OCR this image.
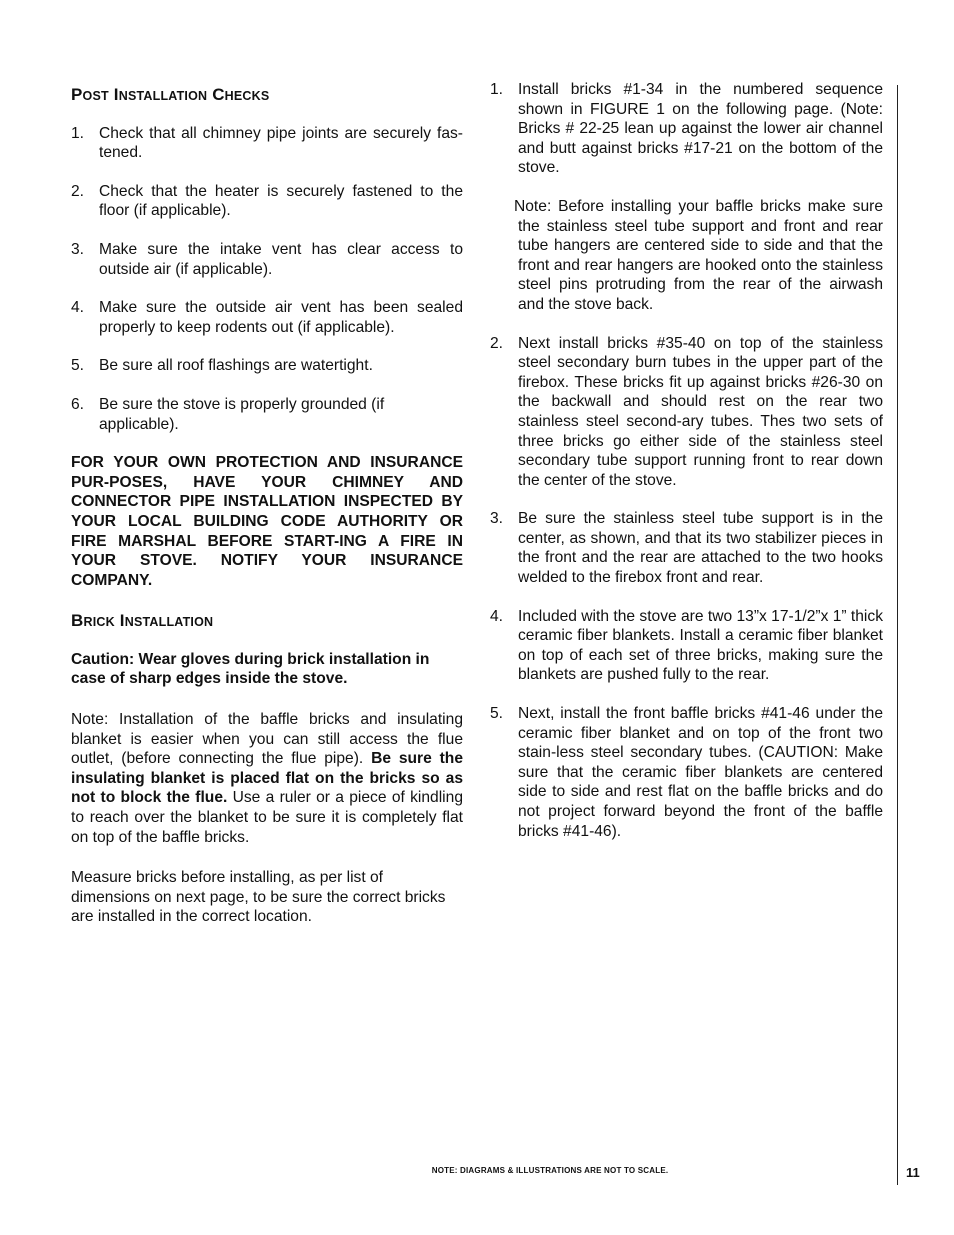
POST INSTALLATION CHECKS
1. Check that all chimney pipe joints are securely fas-tened.
2. Check that the heater is securely fastened to the floor (if applicable).
3. Make sure the intake vent has clear access to outside air (if applicable).
4. Make sure the outside air vent has been sealed properly to keep rodents out (if applicable).
5. Be sure all roof flashings are watertight.
6. Be sure the stove is properly grounded (if applicable).

FOR YOUR OWN PROTECTION AND INSURANCE PUR-POSES, HAVE YOUR CHIMNEY AND CONNECTOR PIPE INSTALLATION INSPECTED BY YOUR LOCAL BUILDING CODE AUTHORITY OR FIRE MARSHAL BEFORE START-ING A FIRE IN YOUR STOVE. NOTIFY YOUR INSURANCE COMPANY.

BRICK INSTALLATION

Caution: Wear gloves during brick installation in case of sharp edges inside the stove.

Note: Installation of the baffle bricks and insulating blanket is easier when you can still access the flue outlet, (before connecting the flue pipe). Be sure the insulating blanket is placed flat on the bricks so as not to block the flue. Use a ruler or a piece of kindling to reach over the blanket to be sure it is completely flat on top of the baffle bricks.

Measure bricks before installing, as per list of dimensions on next page, to be sure the correct bricks are installed in the correct location.

1. Install bricks #1-34 in the numbered sequence shown in FIGURE 1 on the following page. (Note: Bricks # 22-25 lean up against the lower air channel and butt against bricks #17-21 on the bottom of the stove.
Note: Before installing your baffle bricks make sure the stainless steel tube support and front and rear tube hangers are centered side to side and that the front and rear hangers are hooked onto the stainless steel pins protruding from the rear of the airwash and the stove back.
2. Next install bricks #35-40 on top of the stainless steel secondary burn tubes in the upper part of the firebox. These bricks fit up against bricks #26-30 on the backwall and should rest on the rear two stainless steel second-ary tubes. Thes two sets of three bricks go either side of the stainless steel secondary tube support running front to rear down the center of the stove.
3. Be sure the stainless steel tube support is in the center, as shown, and that its two stabilizer pieces in the front and the rear are attached to the two hooks welded to the firebox front and rear.
4. Included with the stove are two 13”x 17-1/2”x 1” thick ceramic fiber blankets. Install a ceramic fiber blanket on top of each set of three bricks, making sure the blankets are pushed fully to the rear.
5. Next, install the front baffle bricks #41-46 under the ceramic fiber blanket and on top of the front two stain-less steel secondary tubes. (CAUTION: Make sure that the ceramic fiber blankets are centered side to side and rest flat on the baffle bricks and do not project forward beyond the front of the baffle bricks #41-46).
NOTE: DIAGRAMS & ILLUSTRATIONS ARE NOT TO SCALE.	11
